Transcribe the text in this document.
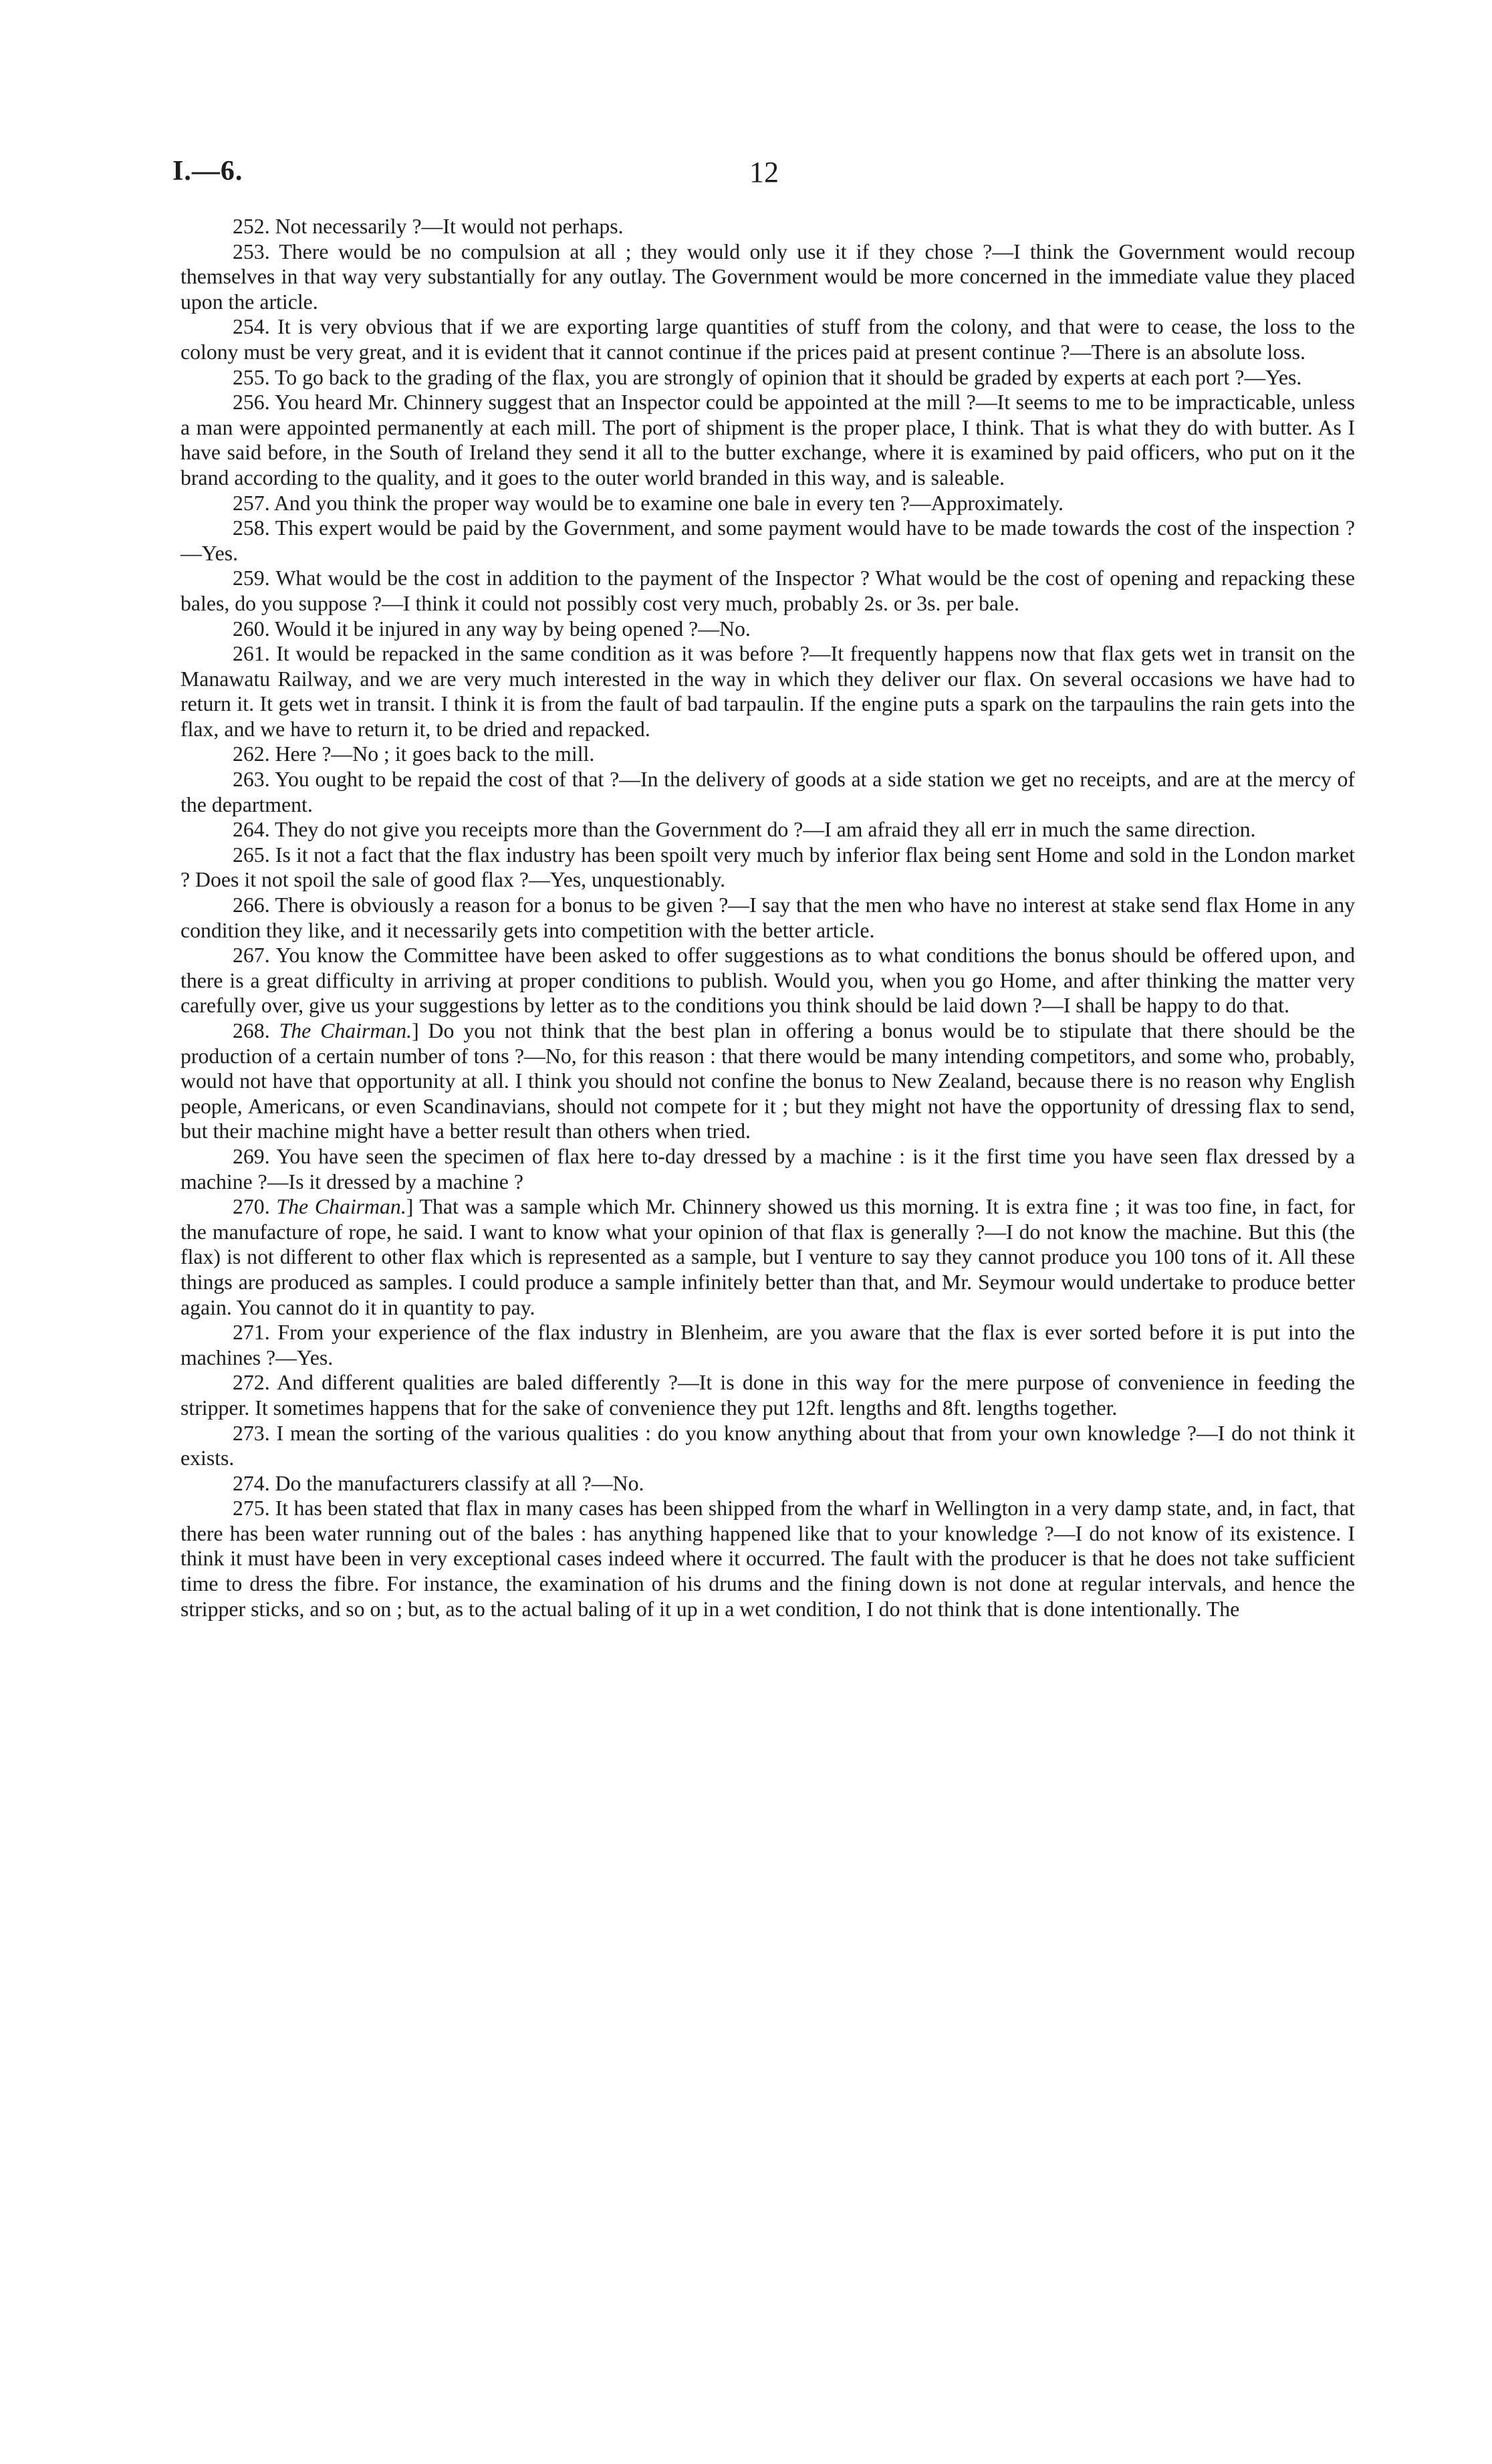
I.—6.	12

252. Not necessarily ?—It would not perhaps.

253. There would be no compulsion at all ; they would only use it if they chose ?—I think the Government would recoup themselves in that way very substantially for any outlay. The Government would be more concerned in the immediate value they placed upon the article.

254. It is very obvious that if we are exporting large quantities of stuff from the colony, and that were to cease, the loss to the colony must be very great, and it is evident that it cannot continue if the prices paid at present continue ?—There is an absolute loss.

255. To go back to the grading of the flax, you are strongly of opinion that it should be graded by experts at each port ?—Yes.

256. You heard Mr. Chinnery suggest that an Inspector could be appointed at the mill ?—It seems to me to be impracticable, unless a man were appointed permanently at each mill. The port of shipment is the proper place, I think. That is what they do with butter. As I have said before, in the South of Ireland they send it all to the butter exchange, where it is examined by paid officers, who put on it the brand according to the quality, and it goes to the outer world branded in this way, and is saleable.

257. And you think the proper way would be to examine one bale in every ten ?—Approximately.

258. This expert would be paid by the Government, and some payment would have to be made towards the cost of the inspection ?—Yes.

259. What would be the cost in addition to the payment of the Inspector ? What would be the cost of opening and repacking these bales, do you suppose ?—I think it could not possibly cost very much, probably 2s. or 3s. per bale.

260. Would it be injured in any way by being opened ?—No.

261. It would be repacked in the same condition as it was before ?—It frequently happens now that flax gets wet in transit on the Manawatu Railway, and we are very much interested in the way in which they deliver our flax. On several occasions we have had to return it. It gets wet in transit. I think it is from the fault of bad tarpaulin. If the engine puts a spark on the tarpaulins the rain gets into the flax, and we have to return it, to be dried and repacked.

262. Here ?—No ; it goes back to the mill.

263. You ought to be repaid the cost of that ?—In the delivery of goods at a side station we get no receipts, and are at the mercy of the department.

264. They do not give you receipts more than the Government do ?—I am afraid they all err in much the same direction.

265. Is it not a fact that the flax industry has been spoilt very much by inferior flax being sent Home and sold in the London market ? Does it not spoil the sale of good flax ?—Yes, unquestionably.

266. There is obviously a reason for a bonus to be given ?—I say that the men who have no interest at stake send flax Home in any condition they like, and it necessarily gets into competition with the better article.

267. You know the Committee have been asked to offer suggestions as to what conditions the bonus should be offered upon, and there is a great difficulty in arriving at proper conditions to publish. Would you, when you go Home, and after thinking the matter very carefully over, give us your suggestions by letter as to the conditions you think should be laid down ?—I shall be happy to do that.

268. The Chairman.] Do you not think that the best plan in offering a bonus would be to stipulate that there should be the production of a certain number of tons ?—No, for this reason : that there would be many intending competitors, and some who, probably, would not have that opportunity at all. I think you should not confine the bonus to New Zealand, because there is no reason why English people, Americans, or even Scandinavians, should not compete for it ; but they might not have the opportunity of dressing flax to send, but their machine might have a better result than others when tried.

269. You have seen the specimen of flax here to-day dressed by a machine : is it the first time you have seen flax dressed by a machine ?—Is it dressed by a machine ?

270. The Chairman.] That was a sample which Mr. Chinnery showed us this morning. It is extra fine ; it was too fine, in fact, for the manufacture of rope, he said. I want to know what your opinion of that flax is generally ?—I do not know the machine. But this (the flax) is not different to other flax which is represented as a sample, but I venture to say they cannot produce you 100 tons of it. All these things are produced as samples. I could produce a sample infinitely better than that, and Mr. Seymour would undertake to produce better again. You cannot do it in quantity to pay.

271. From your experience of the flax industry in Blenheim, are you aware that the flax is ever sorted before it is put into the machines ?—Yes.

272. And different qualities are baled differently ?—It is done in this way for the mere purpose of convenience in feeding the stripper. It sometimes happens that for the sake of convenience they put 12ft. lengths and 8ft. lengths together.

273. I mean the sorting of the various qualities : do you know anything about that from your own knowledge ?—I do not think it exists.

274. Do the manufacturers classify at all ?—No.

275. It has been stated that flax in many cases has been shipped from the wharf in Wellington in a very damp state, and, in fact, that there has been water running out of the bales : has anything happened like that to your knowledge ?—I do not know of its existence. I think it must have been in very exceptional cases indeed where it occurred. The fault with the producer is that he does not take sufficient time to dress the fibre. For instance, the examination of his drums and the fining down is not done at regular intervals, and hence the stripper sticks, and so on ; but, as to the actual baling of it up in a wet condition, I do not think that is done intentionally. The
